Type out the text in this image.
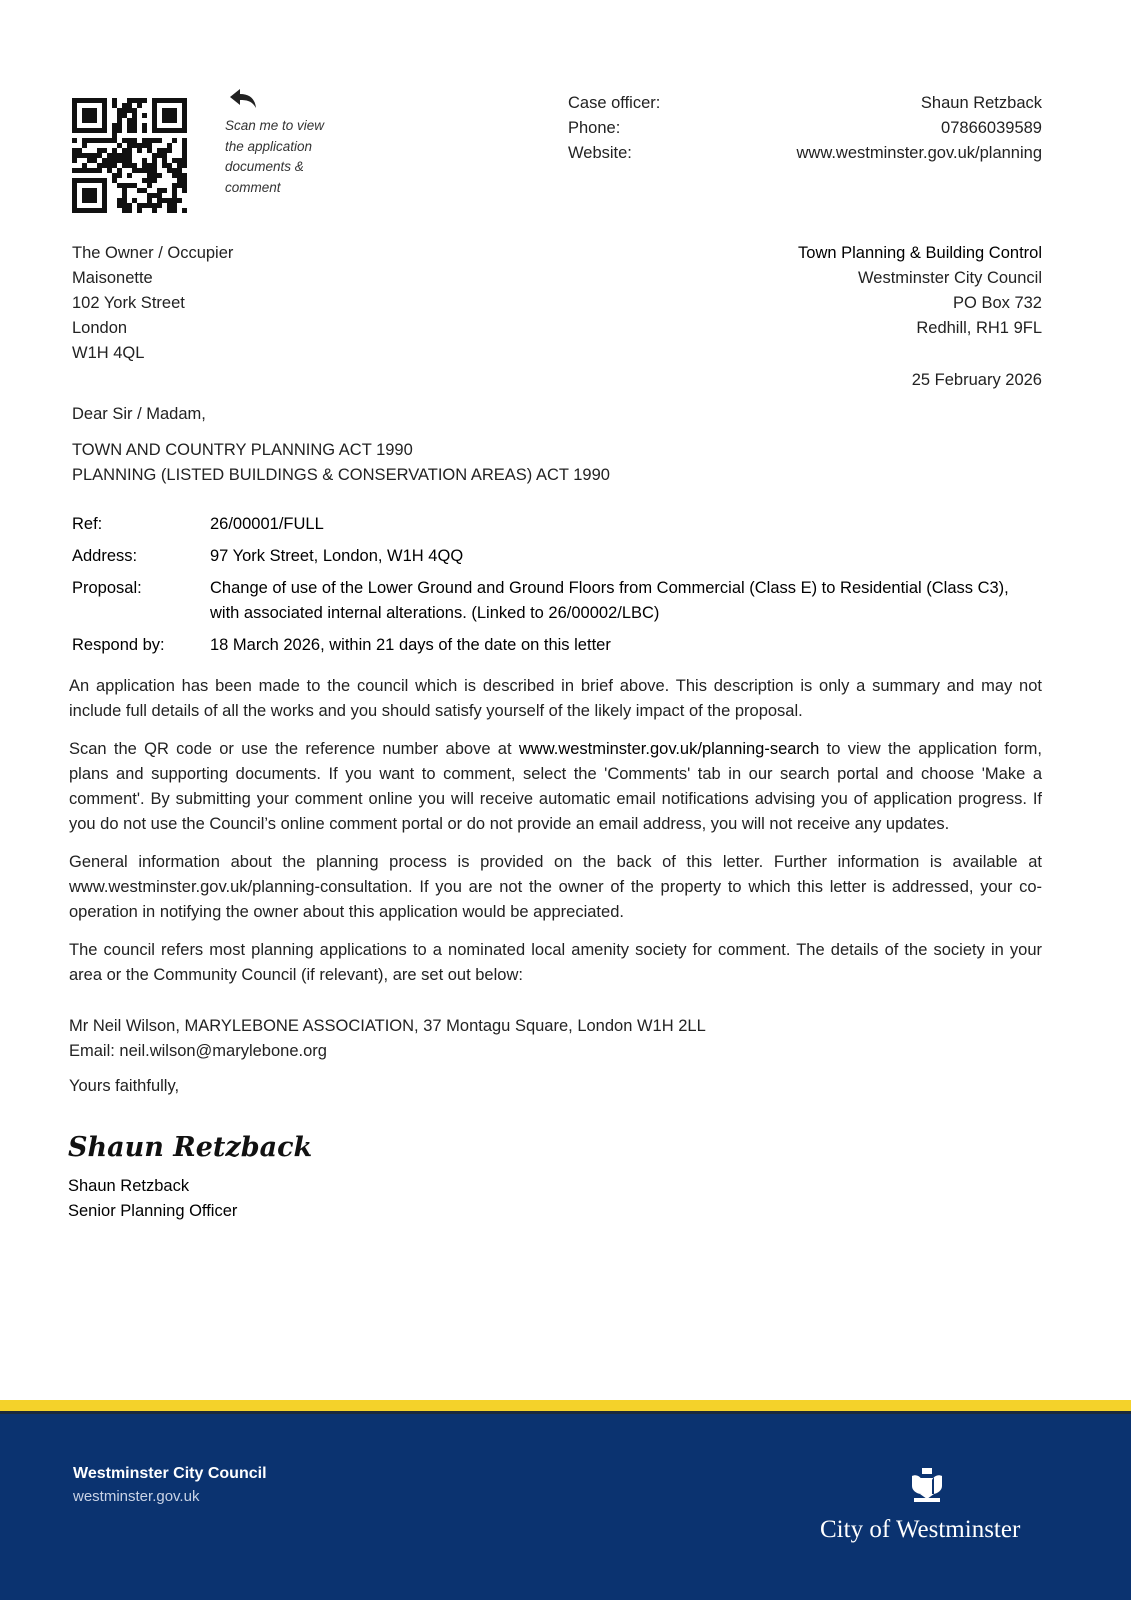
Scan me to view
the application
documents &
comment
Case officer:	Shaun Retzback
Phone:	07866039589
Website:	www.westminster.gov.uk/planning
The Owner / Occupier
Maisonette
102 York Street
London
W1H 4QL
Town Planning & Building Control
Westminster City Council
PO Box 732
Redhill, RH1 9FL
25 February 2026
Dear Sir / Madam,
TOWN AND COUNTRY PLANNING ACT 1990
PLANNING (LISTED BUILDINGS & CONSERVATION AREAS) ACT 1990
Ref:	26/00001/FULL
Address:	97 York Street, London, W1H 4QQ
Proposal:	Change of use of the Lower Ground and Ground Floors from Commercial (Class E) to Residential (Class C3), with associated internal alterations. (Linked to 26/00002/LBC)
Respond by:	18 March 2026, within 21 days of the date on this letter

An application has been made to the council which is described in brief above. This description is only a summary and may not include full details of all the works and you should satisfy yourself of the likely impact of the proposal.

Scan the QR code or use the reference number above at www.westminster.gov.uk/planning-search to view the application form, plans and supporting documents. If you want to comment, select the 'Comments' tab in our search portal and choose 'Make a comment'. By submitting your comment online you will receive automatic email notifications advising you of application progress. If you do not use the Council’s online comment portal or do not provide an email address, you will not receive any updates.

General information about the planning process is provided on the back of this letter. Further information is available at www.westminster.gov.uk/planning-consultation. If you are not the owner of the property to which this letter is addressed, your co-operation in notifying the owner about this application would be appreciated.

The council refers most planning applications to a nominated local amenity society for comment. The details of the society in your area or the Community Council (if relevant), are set out below:

Mr Neil Wilson, MARYLEBONE ASSOCIATION, 37 Montagu Square, London W1H 2LL
Email: neil.wilson@marylebone.org
Yours faithfully,
Shaun Retzback
Shaun Retzback
Senior Planning Officer
Westminster City Council
westminster.gov.uk
City of Westminster
